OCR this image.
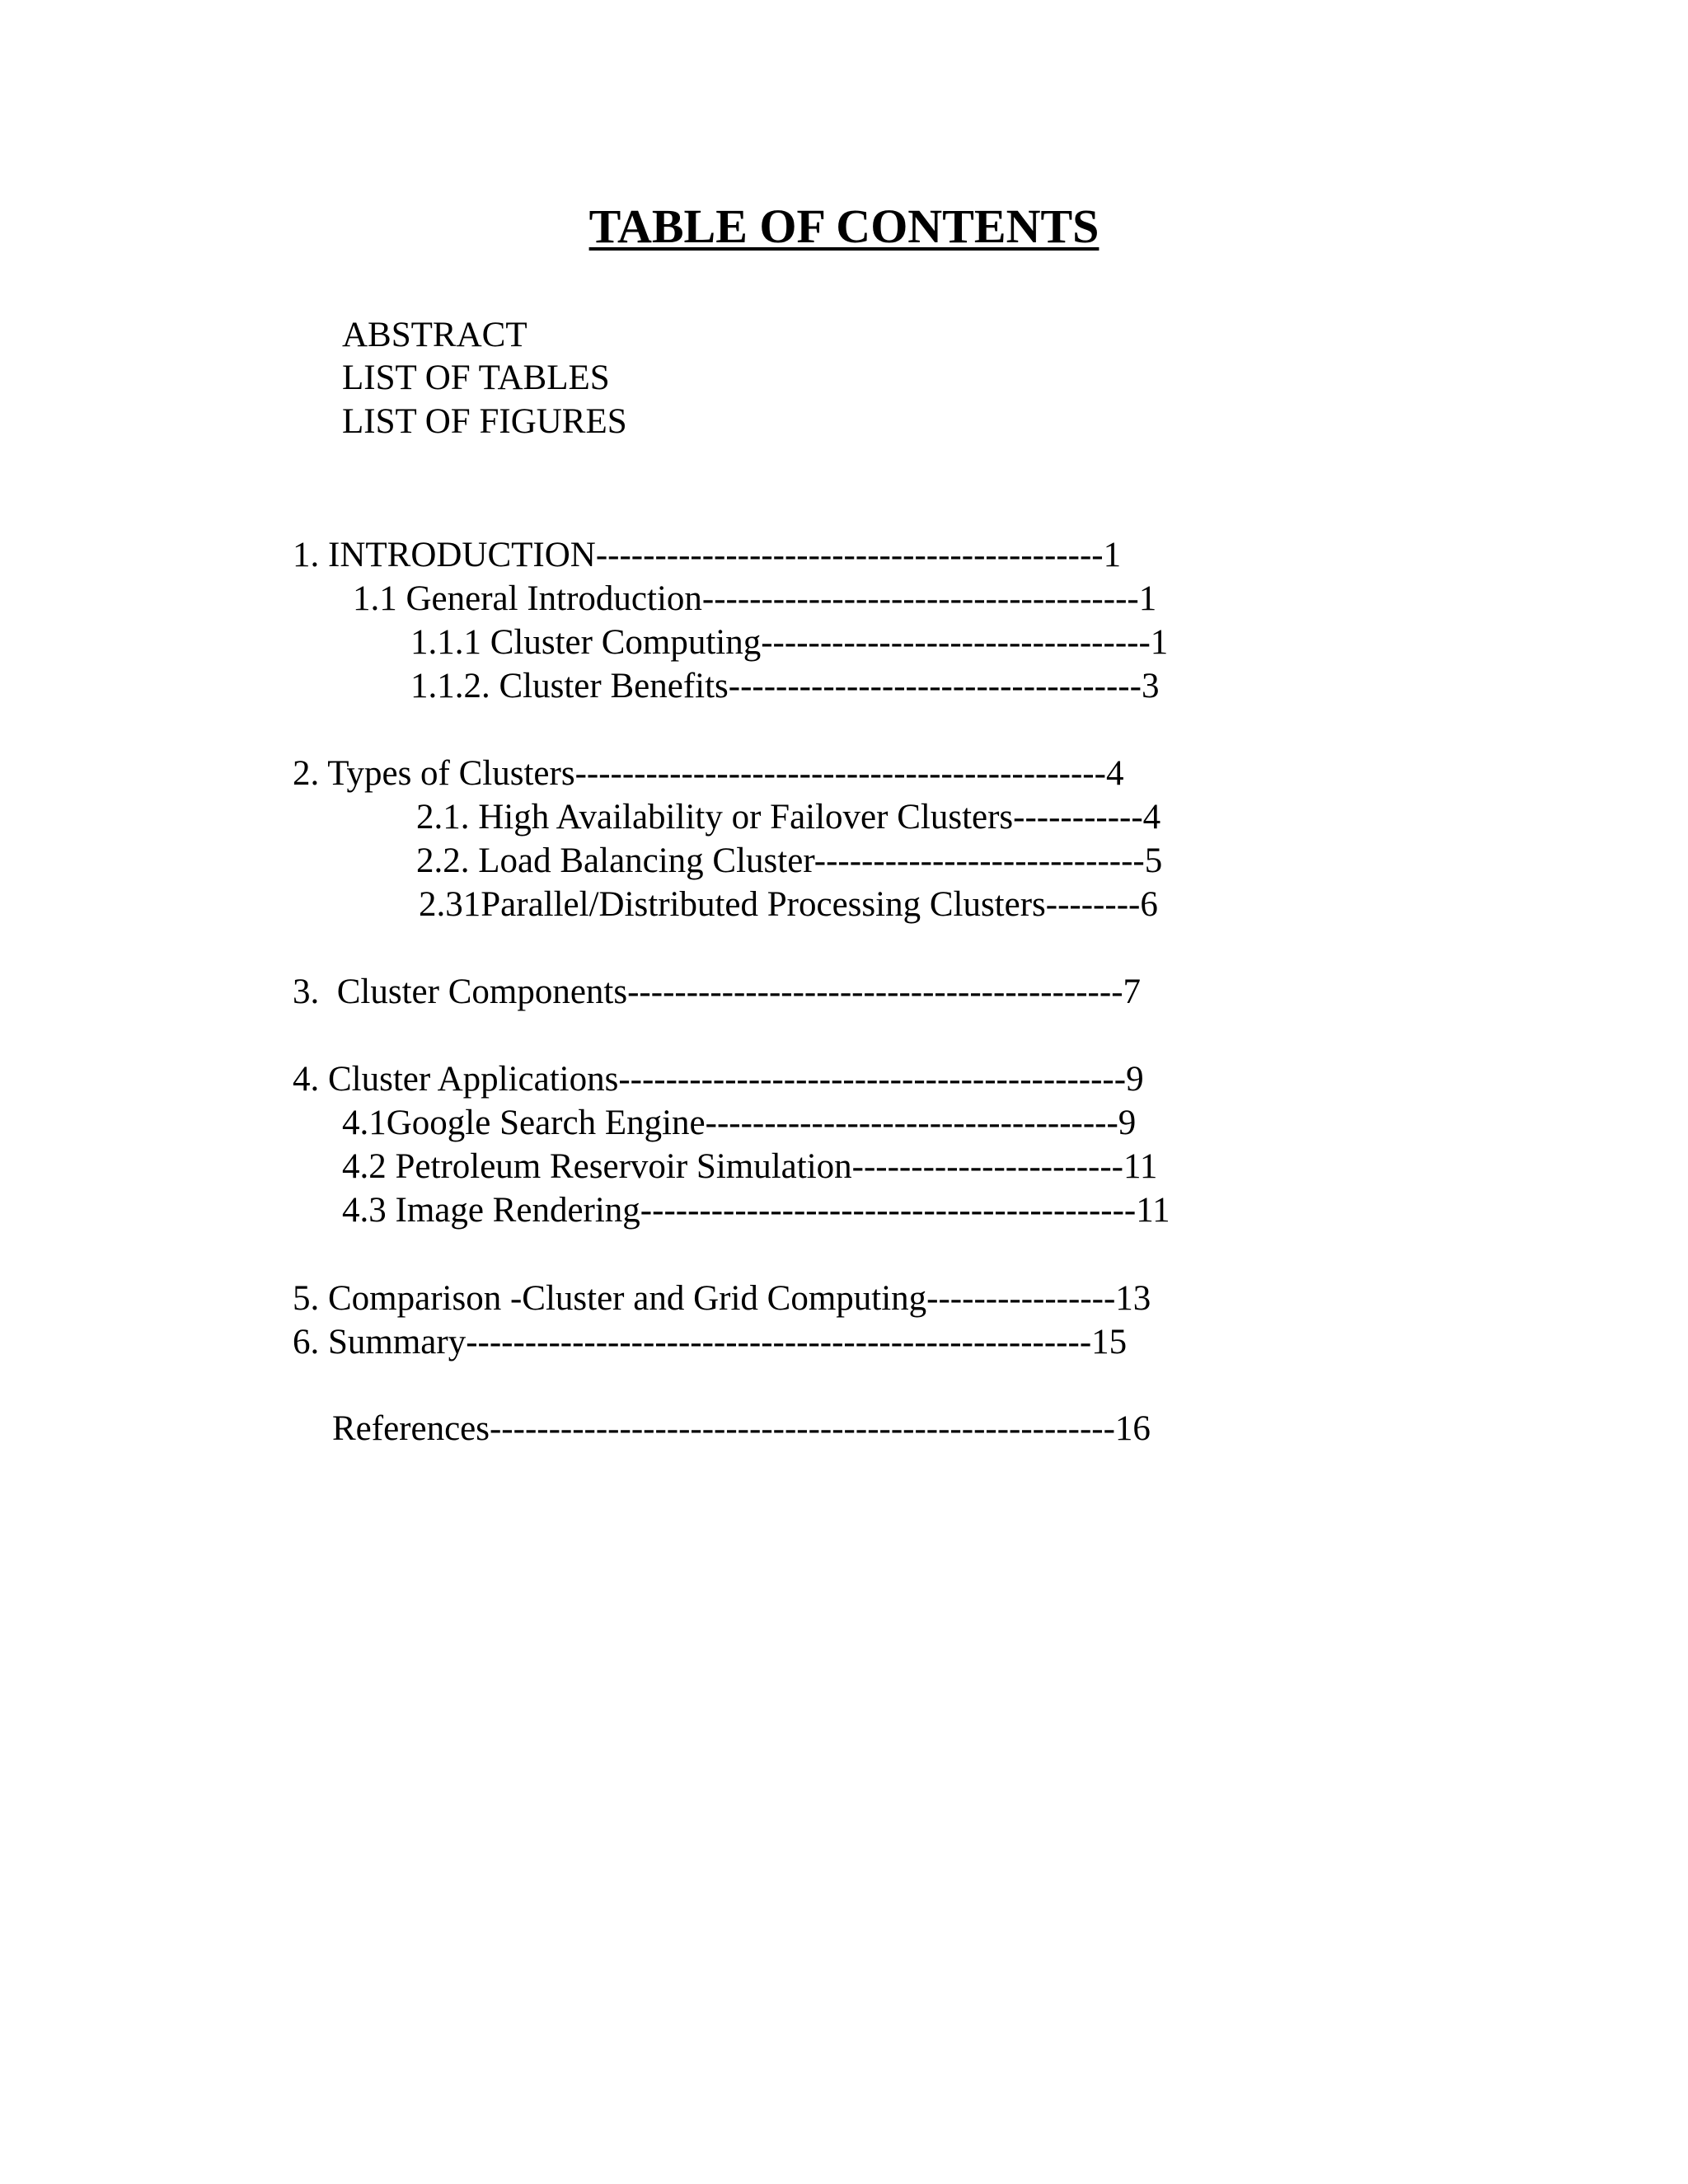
TABLE OF CONTENTS

ABSTRACT

LIST OF TABLES

LIST OF FIGURES

1. INTRODUCTION-------------------------------------------1

1.1 General Introduction-------------------------------------1

1.1.1 Cluster Computing---------------------------------1

1.1.2. Cluster Benefits-----------------------------------3

2. Types of Clusters---------------------------------------------4

2.1. High Availability or Failover Clusters-----------4

2.2. Load Balancing Cluster----------------------------5

2.31Parallel/Distributed Processing Clusters--------6

3.  Cluster Components------------------------------------------7

4. Cluster Applications-------------------------------------------9

4.1Google Search Engine-----------------------------------9

4.2 Petroleum Reservoir Simulation-----------------------11

4.3 Image Rendering------------------------------------------11

5. Comparison -Cluster and Grid Computing----------------13

6. Summary-----------------------------------------------------15

References-----------------------------------------------------16
